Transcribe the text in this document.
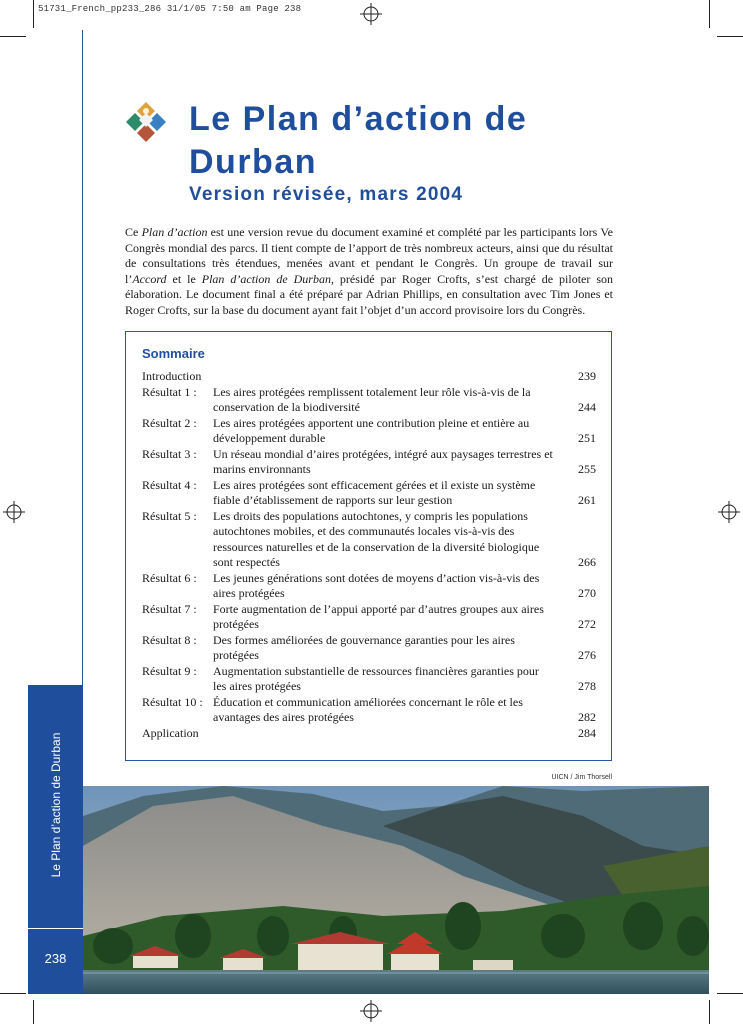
51731_French_pp233_286 31/1/05 7:50 am Page 238
Le Plan d’action de Durban
Version révisée, mars 2004

Ce Plan d’action est une version revue du document examiné et complété par les participants lors Ve Congrès mondial des parcs. Il tient compte de l’apport de très nombreux acteurs, ainsi que du résultat de consultations très étendues, menées avant et pendant le Congrès. Un groupe de travail sur l’Accord et le Plan d’action de Durban, présidé par Roger Crofts, s’est chargé de piloter son élaboration. Le document final a été préparé par Adrian Phillips, en consultation avec Tim Jones et Roger Crofts, sur la base du document ayant fait l’objet d’un accord provisoire lors du Congrès.

Sommaire
Introduction	239
Résultat 1 :	Les aires protégées remplissent totalement leur rôle vis-à-vis de la conservation de la biodiversité	244
Résultat 2 :	Les aires protégées apportent une contribution pleine et entière au développement durable	251
Résultat 3 :	Un réseau mondial d’aires protégées, intégré aux paysages terrestres et marins environnants	255
Résultat 4 :	Les aires protégées sont efficacement gérées et il existe un système fiable d’établissement de rapports sur leur gestion	261
Résultat 5 :	Les droits des populations autochtones, y compris les populations autochtones mobiles, et des communautés locales vis-à-vis des ressources naturelles et de la conservation de la diversité biologique sont respectés	266
Résultat 6 :	Les jeunes générations sont dotées de moyens d’action vis-à-vis des aires protégées	270
Résultat 7 :	Forte augmentation de l’appui apporté par d’autres groupes aux aires protégées	272
Résultat 8 :	Des formes améliorées de gouvernance garanties pour les aires protégées	276
Résultat 9 :	Augmentation substantielle de ressources financières garanties pour les aires protégées	278
Résultat 10 : Éducation et communication améliorées concernant le rôle et les avantages des aires protégées	282
Application	284
UICN / Jim Thorsell
Le Plan d’action de Durban
238
